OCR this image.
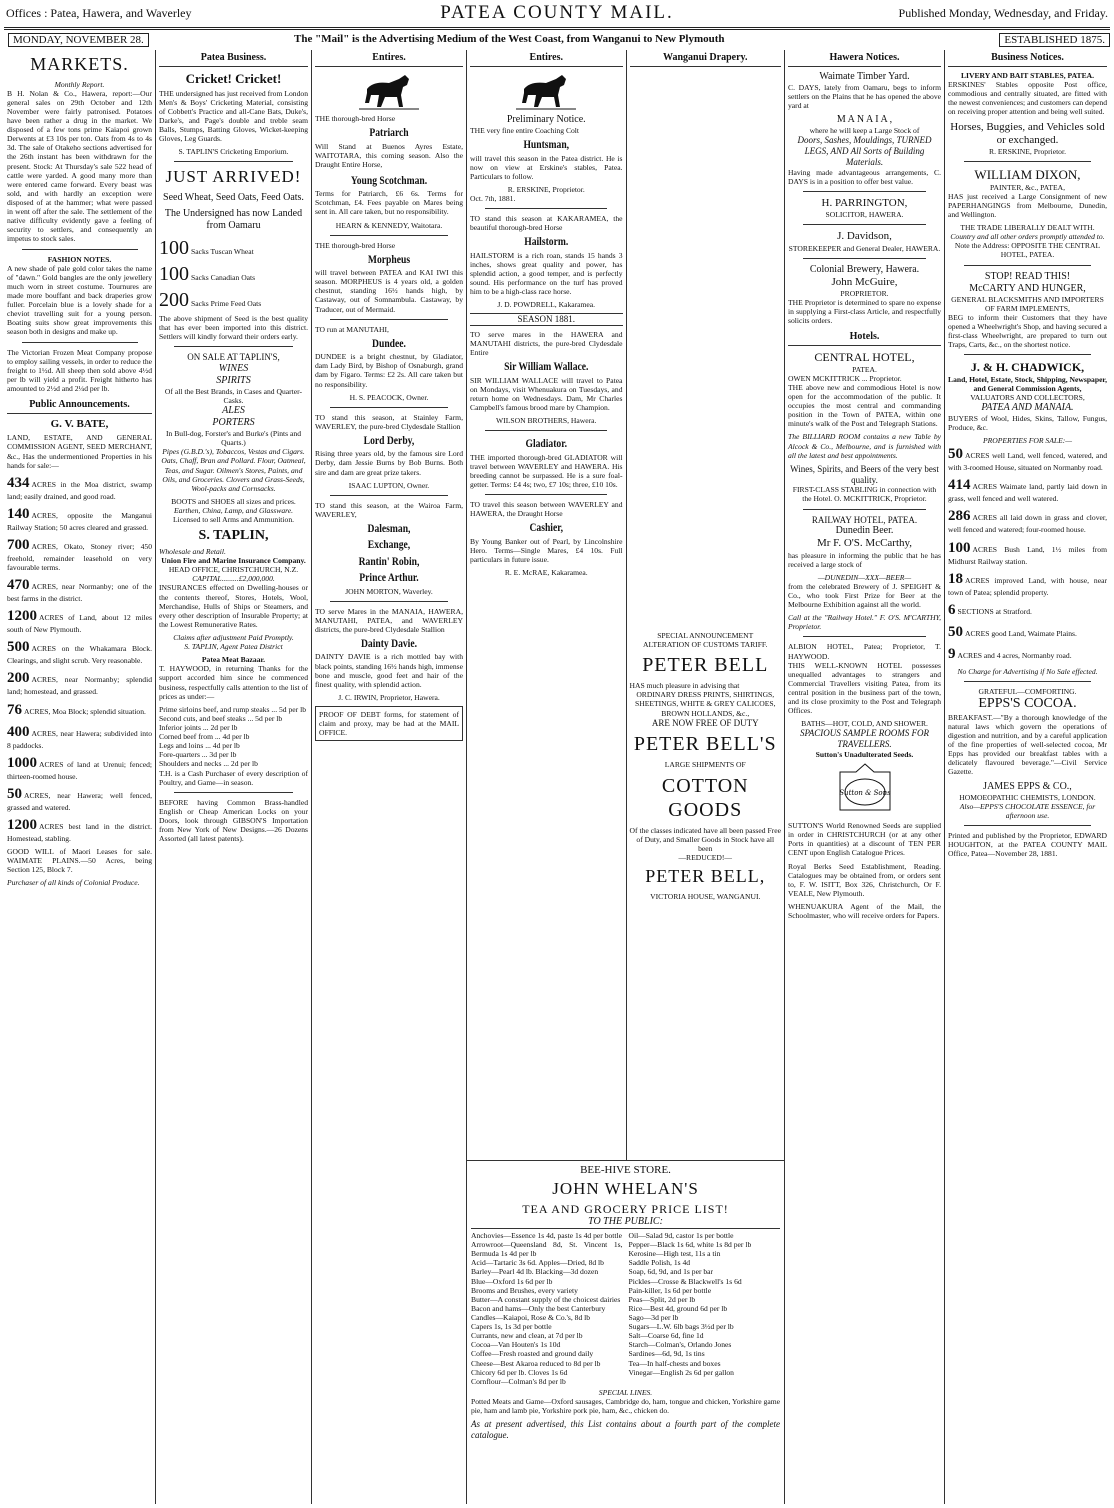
Offices : Patea, Hawera, and Waverley	PATEA COUNTY MAIL.	Published Monday, Wednesday, and Friday.
MONDAY, NOVEMBER 28.	The "Mail" is the Advertising Medium of the West Coast, from Wanganui to New Plymouth	ESTABLISHED 1875.
MARKETS.
Monthly Report.

B H. Nolan & Co., Hawera, report:—Our general sales on 29th October and 12th November were fairly patronised. Potatoes have been rather a drug in the market. We disposed of a few tons prime Kaiapoi grown Derwents at £3 10s per ton. Oats from 4s to 4s 3d. The sale of Otakeho sections advertised for the 26th instant has been withdrawn for the present. Stock: At Thursday's sale 522 head of cattle were yarded. A good many more than were entered came forward. Every beast was sold, and with hardly an exception were disposed of at the hammer; what were passed in went off after the sale. The settlement of the native difficulty evidently gave a feeling of security to settlers, and consequently an impetus to stock sales.

FASHION NOTES.

A new shade of pale gold color takes the name of "dawn." Gold bangles are the only jewellery much worn in street costume. Tournures are made more bouffant and back draperies grow fuller. Porcelain blue is a lovely shade for a cheviot travelling suit for a young person. Boating suits show great improvements this season both in designs and make up.

The Victorian Frozen Meat Company propose to employ sailing vessels, in order to reduce the freight to 1½d. All sheep then sold above 4½d per lb will yield a profit. Freight hitherto has amounted to 2½d and 2¼d per lb.

Public Announcements.
G. V. BATE,

LAND, ESTATE, AND GENERAL COMMISSION AGENT, SEED MERCHANT, &c., Has the undermentioned Properties in his hands for sale:—

434 ACRES in the Moa district, swamp land; easily drained, and good road.

140 ACRES, opposite the Manganui Railway Station; 50 acres cleared and grassed.

700 ACRES, Okato, Stoney river; 450 freehold, remainder leasehold on very favourable terms.

470 ACRES, near Normanby; one of the best farms in the district.

1200 ACRES of Land, about 12 miles south of New Plymouth.

500 ACRES on the Whakamara Block. Clearings, and slight scrub. Very reasonable.

200 ACRES, near Normanby; splendid land; homestead, and grassed.

76 ACRES, Moa Block; splendid situation.

400 ACRES, near Hawera; subdivided into 8 paddocks.

1000 ACRES of land at Urenui; fenced; thirteen-roomed house.

50 ACRES, near Hawera; well fenced, grassed and watered.

1200 ACRES best land in the district. Homestead, stabling.

GOOD WILL of Maori Leases for sale. WAIMATE PLAINS.—50 Acres, being Section 125, Block 7.

Purchaser of all kinds of Colonial Produce.

Patea Business.
Cricket! Cricket!

THE undersigned has just received from London Men's & Boys' Cricketing Material, consisting of Cobbett's Practice and all-Cane Bats, Duke's, Darke's, and Page's double and treble seam Balls, Stumps, Batting Gloves, Wicket-keeping Gloves, Leg Guards.

S. TAPLIN'S Cricketing Emporium.
JUST ARRIVED!
Seed Wheat, Seed Oats, Feed Oats.
The Undersigned has now Landed from Oamaru
100 Sacks Tuscan Wheat
100 Sacks Canadian Oats
200 Sacks Prime Feed Oats

The above shipment of Seed is the best quality that has ever been imported into this district. Settlers will kindly forward their orders early.

ON SALE AT TAPLIN'S,
WINES
SPIRITS
Of all the Best Brands, in Cases and Quarter-Casks.
ALES
PORTERS
In Bull-dog, Forster's and Burke's (Pints and Quarts.)

Pipes (G.B.D.'s), Tobaccos, Vestas and Cigars. Oats, Chaff, Bran and Pollard. Flour, Oatmeal, Teas, and Sugar. Oilmen's Stores, Paints, and Oils, and Groceries. Clovers and Grass-Seeds, Wool-packs and Cornsacks.

BOOTS and SHOES all sizes and prices.
Earthen, China, Lamp, and Glassware.
Licensed to sell Arms and Ammunition.
S. TAPLIN,
Wholesale and Retail.
Union Fire and Marine Insurance Company.
HEAD OFFICE, CHRISTCHURCH, N.Z.
CAPITAL.........£2,000,000.

INSURANCES effected on Dwelling-houses or the contents thereof, Stores, Hotels, Wool, Merchandise, Hulls of Ships or Steamers, and every other description of Insurable Property; at the Lowest Remunerative Rates.

Claims after adjustment Paid Promptly.
S. TAPLIN, Agent Patea District
Patea Meat Bazaar.

T. HAYWOOD, in returning Thanks for the support accorded him since he commenced business, respectfully calls attention to the list of prices as under:—

Prime sirloins beef, and rump steaks ... 5d per lb
Second cuts, and beef steaks ... 5d per lb
Inferior joints ... 2d per lb
Corned beef from ... 4d per lb
Legs and loins ... 4d per lb
Fore-quarters ... 3d per lb
Shoulders and necks ... 2d per lb

T.H. is a Cash Purchaser of every description of Poultry, and Game—in season.

BEFORE having Common Brass-handled English or Cheap American Locks on your Doors, look through GIBSON'S Importation from New York of New Designs.—26 Dozens Assorted (all latest patents).

Entires.
THE thorough-bred Horse
Patriarch

Will Stand at Buenos Ayres Estate, WAITOTARA, this coming season. Also the Draught Entire Horse,

Young Scotchman.

Terms for Patriarch, £6 6s. Terms for Scotchman, £4. Fees payable on Mares being sent in. All care taken, but no responsibility.

HEARN & KENNEDY, Waitotara.
THE thorough-bred Horse
Morpheus

will travel between PATEA and KAI IWI this season. MORPHEUS is 4 years old, a golden chestnut, standing 16½ hands high, by Castaway, out of Somnambula. Castaway, by Traducer, out of Mermaid.

TO run at MANUTAHI,
Dundee.

DUNDEE is a bright chestnut, by Gladiator, dam Lady Bird, by Bishop of Osnaburgh, grand dam by Figaro. Terms: £2 2s. All care taken but no responsibility.

H. S. PEACOCK, Owner.
TO stand this season, at Stainley Farm, WAVERLEY, the pure-bred Clydesdale Stallion
Lord Derby,

Rising three years old, by the famous sire Lord Derby, dam Jessie Burns by Bob Burns. Both sire and dam are great prize takers.

ISAAC LUPTON, Owner.
TO stand this season, at the Wairoa Farm, WAVERLEY,
Dalesman,
Exchange,
Rantin' Robin,
Prince Arthur.
JOHN MORTON, Waverley.
TO serve Mares in the MANAIA, HAWERA, MANUTAHI, PATEA, and WAVERLEY districts, the pure-bred Clydesdale Stallion
Dainty Davie.

DAINTY DAVIE is a rich mottled bay with black points, standing 16½ hands high, immense bone and muscle, good feet and hair of the finest quality, with splendid action.

J. C. IRWIN, Proprietor, Hawera.
PROOF OF DEBT forms, for statement of claim and proxy, may be had at the MAIL OFFICE.
Entires.
Preliminary Notice.
THE very fine entire Coaching Colt
Huntsman,

will travel this season in the Patea district. He is now on view at Erskine's stables, Patea. Particulars to follow.

R. ERSKINE, Proprietor.
Oct. 7th, 1881.
TO stand this season at KAKARAMEA, the beautiful thorough-bred Horse
Hailstorm.

HAILSTORM is a rich roan, stands 15 hands 3 inches, shows great quality and power, has splendid action, a good temper, and is perfectly sound. His performance on the turf has proved him to be a high-class race horse.

J. D. POWDRELL, Kakaramea.
SEASON 1881.
TO serve mares in the HAWERA and MANUTAHI districts, the pure-bred Clydesdale Entire
Sir William Wallace.

SIR WILLIAM WALLACE will travel to Patea on Mondays, visit Whenuakura on Tuesdays, and return home on Wednesdays. Dam, Mr Charles Campbell's famous brood mare by Champion.

WILSON BROTHERS, Hawera.
Gladiator.

THE imported thorough-bred GLADIATOR will travel between WAVERLEY and HAWERA. His breeding cannot be surpassed. He is a sure foal-getter. Terms: £4 4s; two, £7 10s; three, £10 10s.

TO travel this season between WAVERLEY and HAWERA, the Draught Horse
Cashier,

By Young Banker out of Pearl, by Lincolnshire Hero. Terms—Single Mares, £4 10s. Full particulars in future issue.

R. E. McRAE, Kakaramea.
Wanganui Drapery.
SPECIAL ANNOUNCEMENT
ALTERATION OF CUSTOMS TARIFF.
PETER BELL
HAS much pleasure in advising that
ORDINARY DRESS PRINTS, SHIRTINGS, SHEETINGS, WHITE & GREY CALICOES, BROWN HOLLANDS, &c.,
ARE NOW FREE OF DUTY
PETER BELL'S
LARGE SHIPMENTS OF
COTTON GOODS
Of the classes indicated have all been passed Free of Duty, and Smaller Goods in Stock have all been
—REDUCED!—
PETER BELL,
VICTORIA HOUSE, WANGANUI.
BEE-HIVE STORE.
JOHN WHELAN'S
TEA AND GROCERY PRICE LIST!
TO THE PUBLIC:
Anchovies—Essence 1s 4d, paste 1s 4d per bottle
Arrowroot—Queensland 8d, St. Vincent 1s, Bermuda 1s 4d per lb
Acid—Tartaric 3s 6d. Apples—Dried, 8d lb
Barley—Pearl 4d lb. Blacking—3d dozen
Blue—Oxford 1s 6d per lb
Brooms and Brushes, every variety
Butter—A constant supply of the choicest dairies
Bacon and hams—Only the best Canterbury
Candles—Kaiapoi, Rose & Co.'s, 8d lb
Capers 1s, 1s 3d per bottle
Currants, new and clean, at 7d per lb
Cocoa—Van Houten's 1s 10d
Coffee—Fresh roasted and ground daily
Cheese—Best Akaroa reduced to 8d per lb
Chicory 6d per lb. Cloves 1s 6d
Cornflour—Colman's 8d per lb
Oil—Salad 9d, castor 1s per bottle
Pepper—Black 1s 6d, white 1s 8d per lb
Kerosine—High test, 11s a tin
Saddle Polish, 1s 4d
Soap, 6d, 9d, and 1s per bar
Pickles—Crosse & Blackwell's 1s 6d
Pain-killer, 1s 6d per bottle
Peas—Split, 2d per lb
Rice—Best 4d, ground 6d per lb
Sago—3d per lb
Sugars—L.W. 6lb bags 3½d per lb
Salt—Coarse 6d, fine 1d
Starch—Colman's, Orlando Jones
Sardines—6d, 9d, 1s tins
Tea—In half-chests and boxes
Vinegar—English 2s 6d per gallon
SPECIAL LINES.

Potted Meats and Game—Oxford sausages, Cambridge do, ham, tongue and chicken, Yorkshire game pie, ham and lamb pie, Yorkshire pork pie, ham, &c., chicken do.

As at present advertised, this List contains about a fourth part of the complete catalogue.
Hawera Notices.
Waimate Timber Yard.

C. DAYS, lately from Oamaru, begs to inform settlers on the Plains that he has opened the above yard at

M A N A I A ,
where he will keep a Large Stock of
Doors, Sashes, Mouldings, TURNED LEGS, AND All Sorts of Building Materials.

Having made advantageous arrangements, C. DAYS is in a position to offer best value.

H. PARRINGTON,
SOLICITOR, HAWERA.
J. Davidson,
STOREKEEPER and General Dealer, HAWERA.
Colonial Brewery, Hawera.
John McGuire,
PROPRIETOR.

THE Proprietor is determined to spare no expense in supplying a First-class Article, and respectfully solicits orders.

Hotels.
CENTRAL HOTEL,
PATEA.
OWEN MCKITTRICK ... Proprietor.

THE above new and commodious Hotel is now open for the accommodation of the public. It occupies the most central and commanding position in the Town of PATEA, within one minute's walk of the Post and Telegraph Stations.

The BILLIARD ROOM contains a new Table by Alcock & Co., Melbourne, and is furnished with all the latest and best appointments.

Wines, Spirits, and Beers of the very best quality.
FIRST-CLASS STABLING in connection with the Hotel. O. MCKITTRICK, Proprietor.
RAILWAY HOTEL, PATEA.
Dunedin Beer.
Mr F. O'S. McCarthy,

has pleasure in informing the public that he has received a large stock of

—DUNEDIN—XXX—BEER—

from the celebrated Brewery of J. SPEIGHT & Co., who took First Prize for Beer at the Melbourne Exhibition against all the world.

Call at the "Railway Hotel." F. O'S. M'CARTHY, Proprietor.
ALBION HOTEL, Patea; Proprietor, T. HAYWOOD.

THIS WELL-KNOWN HOTEL possesses unequalled advantages to strangers and Commercial Travellers visiting Patea, from its central position in the business part of the town, and its close proximity to the Post and Telegraph Offices.

BATHS—HOT, COLD, AND SHOWER.
SPACIOUS SAMPLE ROOMS FOR TRAVELLERS.
Sutton's Unadulterated Seeds.
Sutton & Sons

SUTTON'S World Renowned Seeds are supplied in order in CHRISTCHURCH (or at any other Ports in quantities) at a discount of TEN PER CENT upon English Catalogue Prices.

Royal Berks Seed Establishment, Reading. Catalogues may be obtained from, or orders sent to, F. W. ISITT, Box 326, Christchurch, Or F. VEALE, New Plymouth.

WHENUAKURA Agent of the Mail, the Schoolmaster, who will receive orders for Papers.

Business Notices.
LIVERY AND BAIT STABLES, PATEA.

ERSKINES' Stables opposite Post office, commodious and centrally situated, are fitted with the newest conveniences; and customers can depend on receiving proper attention and being well suited.

Horses, Buggies, and Vehicles sold or exchanged.
R. ERSKINE, Proprietor.
WILLIAM DIXON,
PAINTER, &c., PATEA,

HAS just received a Large Consignment of new PAPERHANGINGS from Melbourne, Dunedin, and Wellington.

THE TRADE LIBERALLY DEALT WITH.
Country and all other orders promptly attended to.
Note the Address: OPPOSITE THE CENTRAL HOTEL, PATEA.
STOP! READ THIS!
McCARTY AND HUNGER,
GENERAL BLACKSMITHS AND IMPORTERS OF FARM IMPLEMENTS,

BEG to inform their Customers that they have opened a Wheelwright's Shop, and having secured a first-class Wheelwright, are prepared to turn out Traps, Carts, &c., on the shortest notice.

J. & H. CHADWICK,
Land, Hotel, Estate, Stock, Shipping, Newspaper, and General Commission Agents,
VALUATORS AND COLLECTORS,
PATEA AND MANAIA.

BUYERS of Wool, Hides, Skins, Tallow, Fungus, Produce, &c.

PROPERTIES FOR SALE:—

50 ACRES well Land, well fenced, watered, and with 3-roomed House, situated on Normanby road.

414 ACRES Waimate land, partly laid down in grass, well fenced and well watered.

286 ACRES all laid down in grass and clover, well fenced and watered; four-roomed house.

100 ACRES Bush Land, 1½ miles from Midhurst Railway station.

18 ACRES improved Land, with house, near town of Patea; splendid property.

6 SECTIONS at Stratford.

50 ACRES good Land, Waimate Plains.

9 ACRES and 4 acres, Normanby road.

No Charge for Advertising if No Sale effected.
GRATEFUL—COMFORTING.
EPPS'S COCOA.

BREAKFAST.—"By a thorough knowledge of the natural laws which govern the operations of digestion and nutrition, and by a careful application of the fine properties of well-selected cocoa, Mr Epps has provided our breakfast tables with a delicately flavoured beverage."—Civil Service Gazette.

JAMES EPPS & CO.,
HOMOEOPATHIC CHEMISTS, LONDON.
Also—EPPS'S CHOCOLATE ESSENCE, for afternoon use.

Printed and published by the Proprietor, EDWARD HOUGHTON, at the PATEA COUNTY MAIL Office, Patea—November 28, 1881.
